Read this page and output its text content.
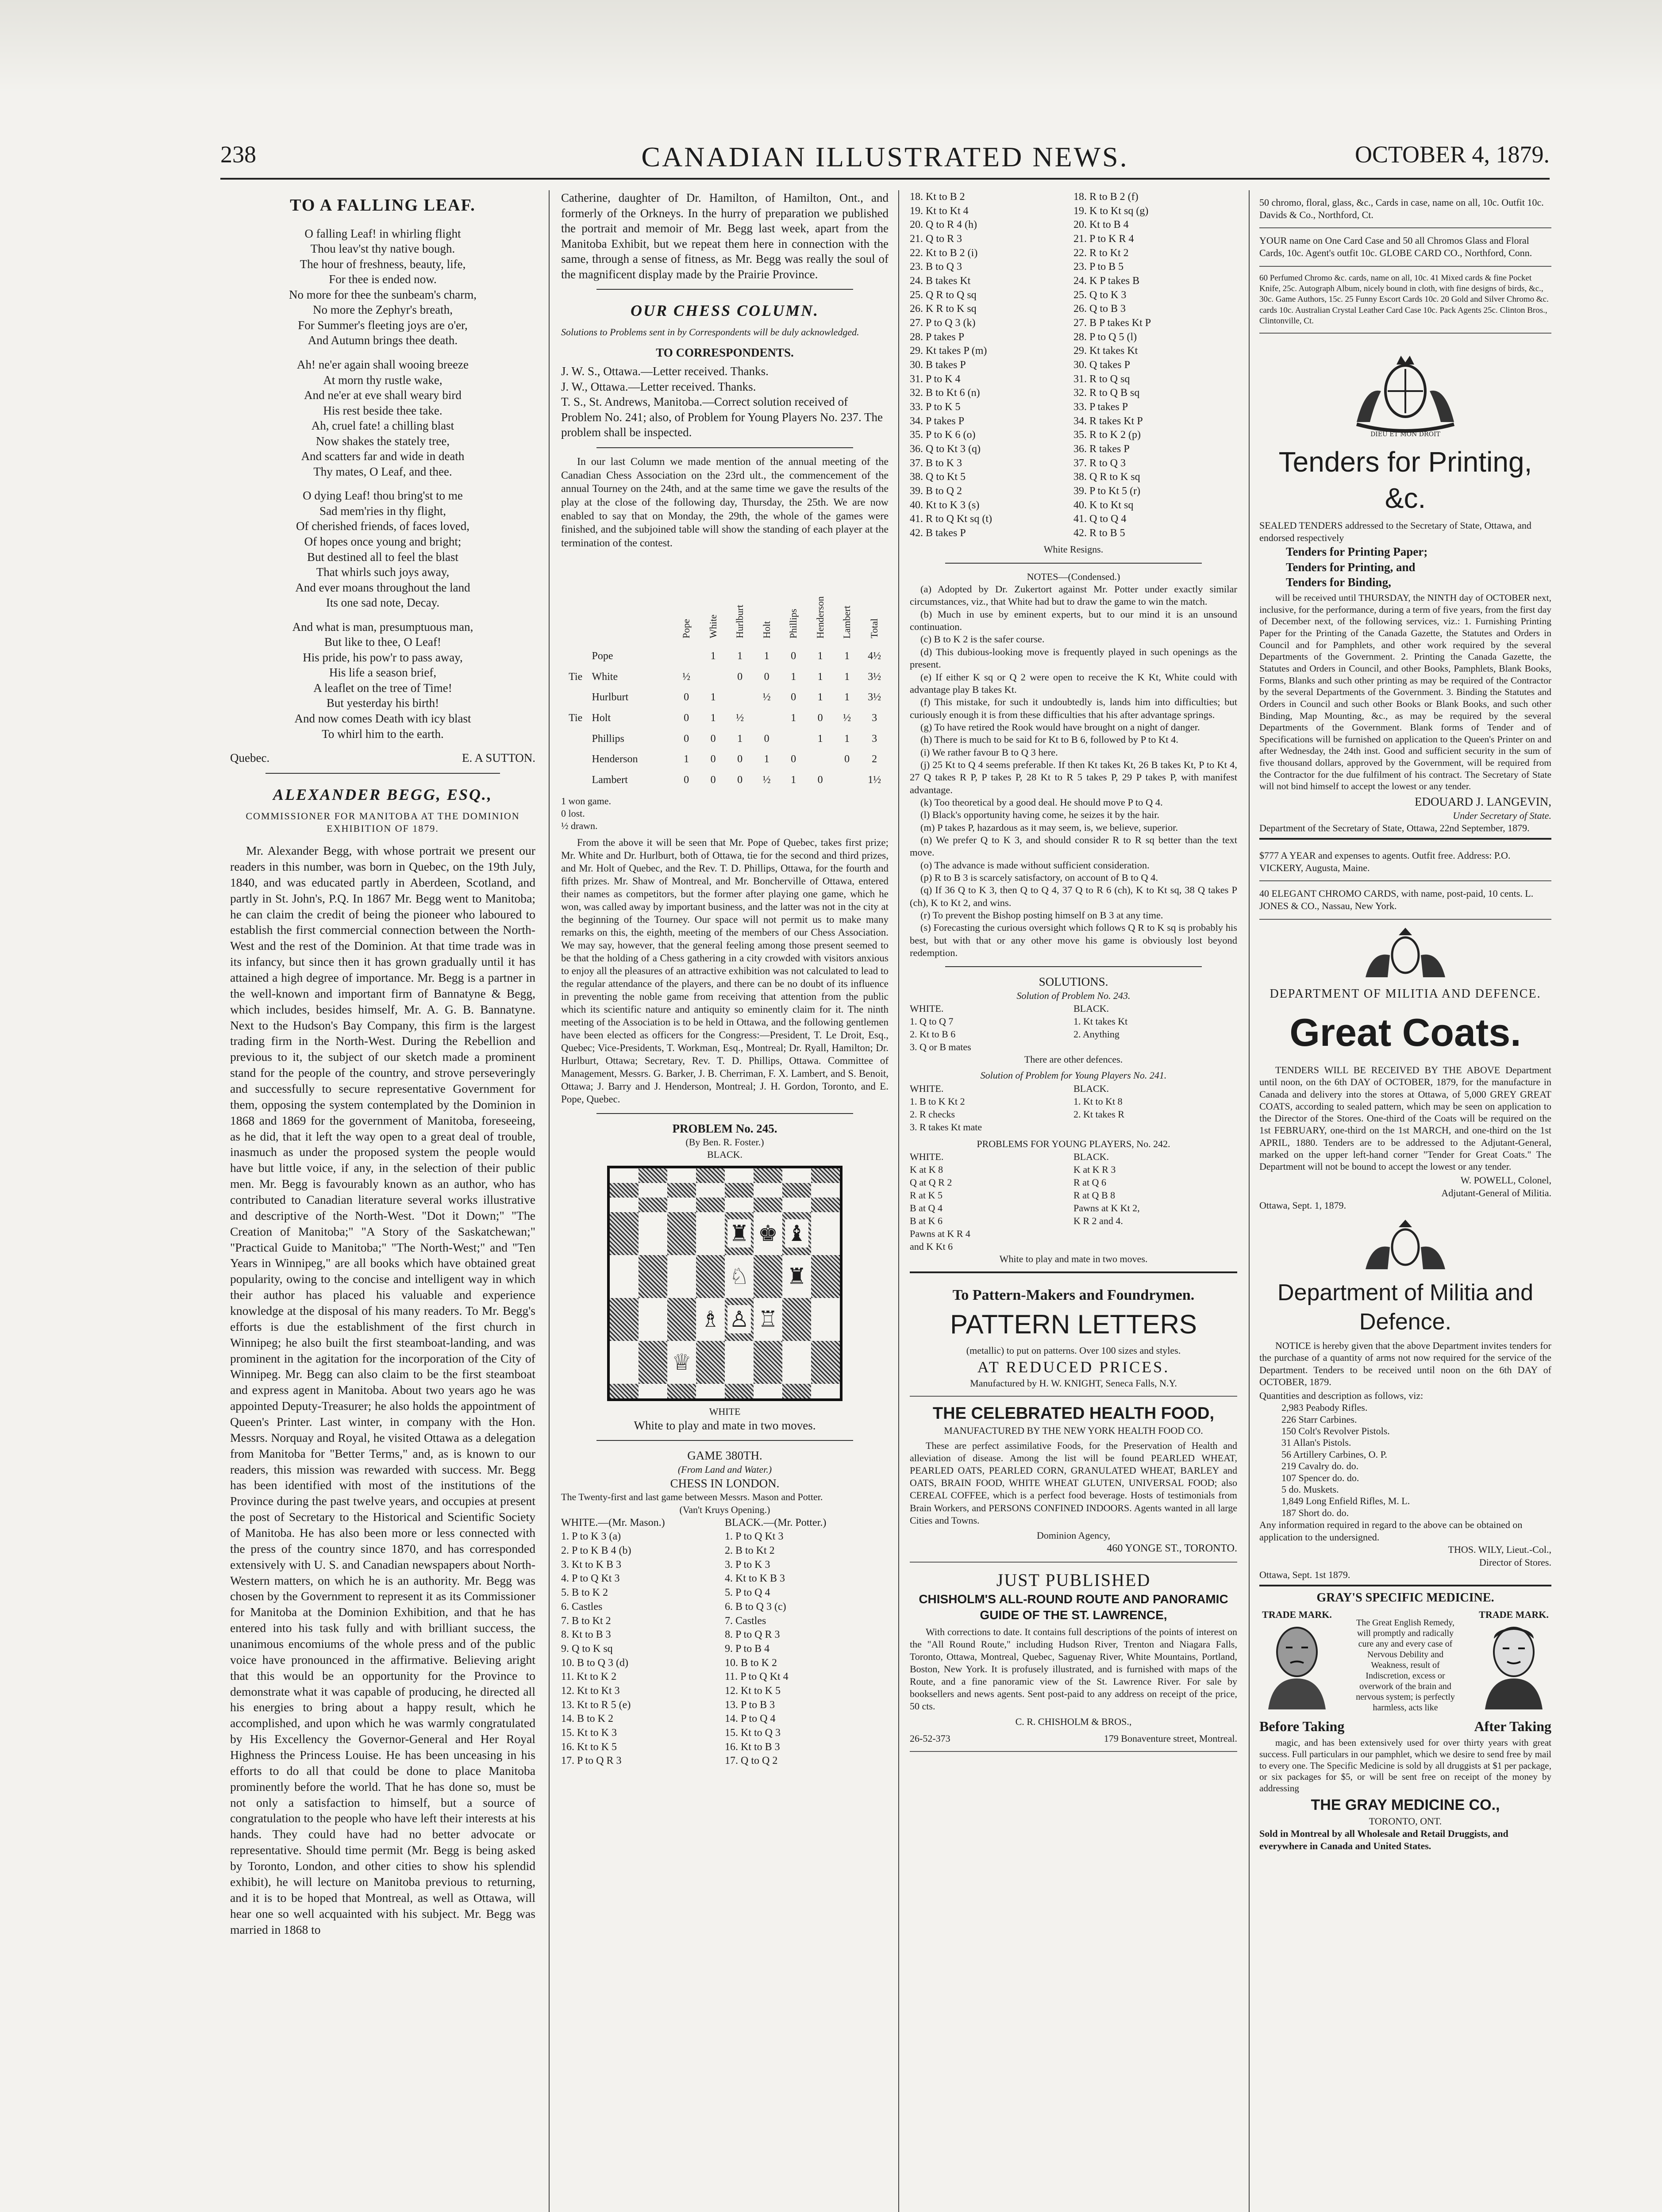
238	CANADIAN ILLUSTRATED NEWS.	OCTOBER 4, 1879.
TO A FALLING LEAF.

O falling Leaf! in whirling flight
Thou leav'st thy native bough.
The hour of freshness, beauty, life,
For thee is ended now.
No more for thee the sunbeam's charm,
No more the Zephyr's breath,
For Summer's fleeting joys are o'er,
And Autumn brings thee death.

Ah! ne'er again shall wooing breeze
At morn thy rustle wake,
And ne'er at eve shall weary bird
His rest beside thee take.
Ah, cruel fate! a chilling blast
Now shakes the stately tree,
And scatters far and wide in death
Thy mates, O Leaf, and thee.

O dying Leaf! thou bring'st to me
Sad mem'ries in thy flight,
Of cherished friends, of faces loved,
Of hopes once young and bright;
But destined all to feel the blast
That whirls such joys away,
And ever moans throughout the land
Its one sad note, Decay.

And what is man, presumptuous man,
But like to thee, O Leaf!
His pride, his pow'r to pass away,
His life a season brief,
A leaflet on the tree of Time!
But yesterday his birth!
And now comes Death with icy blast
To whirl him to the earth.

Quebec.	E. A SUTTON.
ALEXANDER BEGG, ESQ.,
COMMISSIONER FOR MANITOBA AT THE DOMINION EXHIBITION OF 1879.

Mr. Alexander Begg, with whose portrait we present our readers in this number, was born in Quebec, on the 19th July, 1840, and was educated partly in Aberdeen, Scotland, and partly in St. John's, P.Q. In 1867 Mr. Begg went to Manitoba; he can claim the credit of being the pioneer who laboured to establish the first commercial connection between the North-West and the rest of the Dominion. At that time trade was in its infancy, but since then it has grown gradually until it has attained a high degree of importance. Mr. Begg is a partner in the well-known and important firm of Bannatyne & Begg, which includes, besides himself, Mr. A. G. B. Bannatyne. Next to the Hudson's Bay Company, this firm is the largest trading firm in the North-West. During the Rebellion and previous to it, the subject of our sketch made a prominent stand for the people of the country, and strove perseveringly and successfully to secure representative Government for them, opposing the system contemplated by the Dominion in 1868 and 1869 for the government of Manitoba, foreseeing, as he did, that it left the way open to a great deal of trouble, inasmuch as under the proposed system the people would have but little voice, if any, in the selection of their public men. Mr. Begg is favourably known as an author, who has contributed to Canadian literature several works illustrative and descriptive of the North-West. "Dot it Down;" "The Creation of Manitoba;" "A Story of the Saskatchewan;" "Practical Guide to Manitoba;" "The North-West;" and "Ten Years in Winnipeg," are all books which have obtained great popularity, owing to the concise and intelligent way in which their author has placed his valuable and experience knowledge at the disposal of his many readers. To Mr. Begg's efforts is due the establishment of the first church in Winnipeg; he also built the first steamboat-landing, and was prominent in the agitation for the incorporation of the City of Winnipeg. Mr. Begg can also claim to be the first steamboat and express agent in Manitoba. About two years ago he was appointed Deputy-Treasurer; he also holds the appointment of Queen's Printer. Last winter, in company with the Hon. Messrs. Norquay and Royal, he visited Ottawa as a delegation from Manitoba for "Better Terms," and, as is known to our readers, this mission was rewarded with success. Mr. Begg has been identified with most of the institutions of the Province during the past twelve years, and occupies at present the post of Secretary to the Historical and Scientific Society of Manitoba. He has also been more or less connected with the press of the country since 1870, and has corresponded extensively with U. S. and Canadian newspapers about North-Western matters, on which he is an authority. Mr. Begg was chosen by the Government to represent it as its Commissioner for Manitoba at the Dominion Exhibition, and that he has entered into his task fully and with brilliant success, the unanimous encomiums of the whole press and of the public voice have pronounced in the affirmative. Believing aright that this would be an opportunity for the Province to demonstrate what it was capable of producing, he directed all his energies to bring about a happy result, which he accomplished, and upon which he was warmly congratulated by His Excellency the Governor-General and Her Royal Highness the Princess Louise. He has been unceasing in his efforts to do all that could be done to place Manitoba prominently before the world. That he has done so, must be not only a satisfaction to himself, but a source of congratulation to the people who have left their interests at his hands. They could have had no better advocate or representative. Should time permit (Mr. Begg is being asked by Toronto, London, and other cities to show his splendid exhibit), he will lecture on Manitoba previous to returning, and it is to be hoped that Montreal, as well as Ottawa, will hear one so well acquainted with his subject. Mr. Begg was married in 1868 to

Catherine, daughter of Dr. Hamilton, of Hamilton, Ont., and formerly of the Orkneys. In the hurry of preparation we published the portrait and memoir of Mr. Begg last week, apart from the Manitoba Exhibit, but we repeat them here in connection with the same, through a sense of fitness, as Mr. Begg was really the soul of the magnificent display made by the Prairie Province.

OUR CHESS COLUMN.
Solutions to Problems sent in by Correspondents will be duly acknowledged.
TO CORRESPONDENTS.
J. W. S., Ottawa.—Letter received. Thanks.
J. W., Ottawa.—Letter received. Thanks.
T. S., St. Andrews, Manitoba.—Correct solution received of Problem No. 241; also, of Problem for Young Players No. 237. The problem shall be inspected.

In our last Column we made mention of the annual meeting of the Canadian Chess Association on the 23rd ult., the commencement of the annual Tourney on the 24th, and at the same time we gave the results of the play at the close of the following day, Thursday, the 25th. We are now enabled to say that on Monday, the 29th, the whole of the games were finished, and the subjoined table will show the standing of each player at the termination of the contest.

		Pope	White	Hurlburt	Holt	Phillips	Henderson	Lambert	Total
	Pope		1	1	1	0	1	1	4½
Tie	White	½		0	0	1	1	1	3½
	Hurlburt	0	1		½	0	1	1	3½
Tie	Holt	0	1	½		1	0	½	3
	Phillips	0	0	1	0		1	1	3
	Henderson	1	0	0	1	0		0	2
	Lambert	0	0	0	½	1	0		1½
1 won game.
0 lost.
½ drawn.

From the above it will be seen that Mr. Pope of Quebec, takes first prize; Mr. White and Dr. Hurlburt, both of Ottawa, tie for the second and third prizes, and Mr. Holt of Quebec, and the Rev. T. D. Phillips, Ottawa, for the fourth and fifth prizes. Mr. Shaw of Montreal, and Mr. Boncherville of Ottawa, entered their names as competitors, but the former after playing one game, which he won, was called away by important business, and the latter was not in the city at the beginning of the Tourney. Our space will not permit us to make many remarks on this, the eighth, meeting of the members of our Chess Association. We may say, however, that the general feeling among those present seemed to be that the holding of a Chess gathering in a city crowded with visitors anxious to enjoy all the pleasures of an attractive exhibition was not calculated to lead to the regular attendance of the players, and there can be no doubt of its influence in preventing the noble game from receiving that attention from the public which its scientific nature and antiquity so eminently claim for it. The ninth meeting of the Association is to be held in Ottawa, and the following gentlemen have been elected as officers for the Congress:—President, T. Le Droit, Esq., Quebec; Vice-Presidents, T. Workman, Esq., Montreal; Dr. Ryall, Hamilton; Dr. Hurlburt, Ottawa; Secretary, Rev. T. D. Phillips, Ottawa. Committee of Management, Messrs. G. Barker, J. B. Cherriman, F. X. Lambert, and S. Benoit, Ottawa; J. Barry and J. Henderson, Montreal; J. H. Gordon, Toronto, and E. Pope, Quebec.

PROBLEM No. 245.
(By Ben. R. Foster.)
BLACK.
♜ ♚ ♝
♘ ♜
♗ ♙ ♖
♕
WHITE
White to play and mate in two moves.
GAME 380TH.
(From Land and Water.)
CHESS IN LONDON.
The Twenty-first and last game between Messrs. Mason and Potter.
(Van't Kruys Opening.)
WHITE.—(Mr. Mason.)	BLACK.—(Mr. Potter.)
1. P to K 3 (a)	1. P to Q Kt 3
2. P to K B 4 (b)	2. B to Kt 2
3. Kt to K B 3	3. P to K 3
4. P to Q Kt 3	4. Kt to K B 3
5. B to K 2	5. P to Q 4
6. Castles	6. B to Q 3 (c)
7. B to Kt 2	7. Castles
8. Kt to B 3	8. P to Q R 3
9. Q to K sq	9. P to B 4
10. B to Q 3 (d)	10. B to K 2
11. Kt to K 2	11. P to Q Kt 4
12. Kt to Kt 3	12. Kt to K 5
13. Kt to R 5 (e)	13. P to B 3
14. B to K 2	14. P to Q 4
15. Kt to K 3	15. Kt to Q 3
16. Kt to K 5	16. Kt to B 3
17. P to Q R 3	17. Q to Q 2
18. Kt to B 2	18. R to B 2 (f)
19. Kt to Kt 4	19. K to Kt sq (g)
20. Q to R 4 (h)	20. Kt to B 4
21. Q to R 3	21. P to K R 4
22. Kt to B 2 (i)	22. R to Kt 2
23. B to Q 3	23. P to B 5
24. B takes Kt	24. K P takes B
25. Q R to Q sq	25. Q to K 3
26. K R to K sq	26. Q to B 3
27. P to Q 3 (k)	27. B P takes Kt P
28. P takes P	28. P to Q 5 (l)
29. Kt takes P (m)	29. Kt takes Kt
30. B takes P	30. Q takes P
31. P to K 4	31. R to Q sq
32. B to Kt 6 (n)	32. R to Q B sq
33. P to K 5	33. P takes P
34. P takes P	34. R takes Kt P
35. P to K 6 (o)	35. R to K 2 (p)
36. Q to Kt 3 (q)	36. R takes P
37. B to K 3	37. R to Q 3
38. Q to Kt 5	38. Q R to K sq
39. B to Q 2	39. P to Kt 5 (r)
40. Kt to K 3 (s)	40. K to Kt sq
41. R to Q Kt sq (t)	41. Q to Q 4
42. B takes P	42. R to B 5
White Resigns.
NOTES—(Condensed.)
(a) Adopted by Dr. Zukertort against Mr. Potter under exactly similar circumstances, viz., that White had but to draw the game to win the match.
(b) Much in use by eminent experts, but to our mind it is an unsound continuation.
(c) B to K 2 is the safer course.
(d) This dubious-looking move is frequently played in such openings as the present.
(e) If either K sq or Q 2 were open to receive the K Kt, White could with advantage play B takes Kt.
(f) This mistake, for such it undoubtedly is, lands him into difficulties; but curiously enough it is from these difficulties that his after advantage springs.
(g) To have retired the Rook would have brought on a night of danger.
(h) There is much to be said for Kt to B 6, followed by P to Kt 4.
(i) We rather favour B to Q 3 here.
(j) 25 Kt to Q 4 seems preferable. If then Kt takes Kt, 26 B takes Kt, P to Kt 4, 27 Q takes R P, P takes P, 28 Kt to R 5 takes P, 29 P takes P, with manifest advantage.
(k) Too theoretical by a good deal. He should move P to Q 4.
(l) Black's opportunity having come, he seizes it by the hair.
(m) P takes P, hazardous as it may seem, is, we believe, superior.
(n) We prefer Q to K 3, and should consider R to R sq better than the text move.
(o) The advance is made without sufficient consideration.
(p) R to B 3 is scarcely satisfactory, on account of B to Q 4.
(q) If 36 Q to K 3, then Q to Q 4, 37 Q to R 6 (ch), K to Kt sq, 38 Q takes P (ch), K to Kt 2, and wins.
(r) To prevent the Bishop posting himself on B 3 at any time.
(s) Forecasting the curious oversight which follows Q R to K sq is probably his best, but with that or any other move his game is obviously lost beyond redemption.
SOLUTIONS.
Solution of Problem No. 243.
WHITE.	BLACK.
1. Q to Q 7	1. Kt takes Kt
2. Kt to B 6	2. Anything
3. Q or B mates
There are other defences.
Solution of Problem for Young Players No. 241.
WHITE.	BLACK.
1. B to K Kt 2	1. Kt to Kt 8
2. R checks	2. Kt takes R
3. R takes Kt mate
PROBLEMS FOR YOUNG PLAYERS, No. 242.
WHITE.	BLACK.
K at K 8	K at K R 3
Q at Q R 2	R at Q 6
R at K 5	R at Q B 8
B at Q 4	Pawns at K Kt 2,
B at K 6	K R 2 and 4.
Pawns at K R 4
and K Kt 6
White to play and mate in two moves.
To Pattern-Makers and Foundrymen.
PATTERN LETTERS
(metallic) to put on patterns. Over 100 sizes and styles.
AT REDUCED PRICES.
Manufactured by H. W. KNIGHT, Seneca Falls, N.Y.
THE CELEBRATED HEALTH FOOD,
MANUFACTURED BY THE NEW YORK HEALTH FOOD CO.

These are perfect assimilative Foods, for the Preservation of Health and alleviation of disease. Among the list will be found PEARLED WHEAT, PEARLED OATS, PEARLED CORN, GRANULATED WHEAT, BARLEY and OATS, BRAIN FOOD, WHITE WHEAT GLUTEN, UNIVERSAL FOOD; also CEREAL COFFEE, which is a perfect food beverage. Hosts of testimonials from Brain Workers, and PERSONS CONFINED INDOORS. Agents wanted in all large Cities and Towns.

Dominion Agency,
460 YONGE ST., TORONTO.
JUST PUBLISHED
CHISHOLM'S ALL-ROUND ROUTE AND PANORAMIC GUIDE OF THE ST. LAWRENCE,

With corrections to date. It contains full descriptions of the points of interest on the "All Round Route," including Hudson River, Trenton and Niagara Falls, Toronto, Ottawa, Montreal, Quebec, Saguenay River, White Mountains, Portland, Boston, New York. It is profusely illustrated, and is furnished with maps of the Route, and a fine panoramic view of the St. Lawrence River. For sale by booksellers and news agents. Sent post-paid to any address on receipt of the price, 50 cts.

C. R. CHISHOLM & BROS.,
26-52-373	179 Bonaventure street, Montreal.
50 chromo, floral, glass, &c., Cards in case, name on all, 10c. Outfit 10c. Davids & Co., Northford, Ct.
YOUR name on One Card Case and 50 all Chromos Glass and Floral Cards, 10c. Agent's outfit 10c. GLOBE CARD CO., Northford, Conn.
60 Perfumed Chromo &c. cards, name on all, 10c. 41 Mixed cards & fine Pocket Knife, 25c. Autograph Album, nicely bound in cloth, with fine designs of birds, &c., 30c. Game Authors, 15c. 25 Funny Escort Cards 10c. 20 Gold and Silver Chromo &c. cards 10c. Australian Crystal Leather Card Case 10c. Pack Agents 25c. Clinton Bros., Clintonville, Ct.
DIEU ET MON DROIT
Tenders for Printing, &c.
SEALED TENDERS addressed to the Secretary of State, Ottawa, and endorsed respectively
Tenders for Printing Paper;
Tenders for Printing, and
Tenders for Binding,

will be received until THURSDAY, the NINTH day of OCTOBER next, inclusive, for the performance, during a term of five years, from the first day of December next, of the following services, viz.: 1. Furnishing Printing Paper for the Printing of the Canada Gazette, the Statutes and Orders in Council and for Pamphlets, and other work required by the several Departments of the Government. 2. Printing the Canada Gazette, the Statutes and Orders in Council, and other Books, Pamphlets, Blank Books, Forms, Blanks and such other printing as may be required of the Contractor by the several Departments of the Government. 3. Binding the Statutes and Orders in Council and such other Books or Blank Books, and such other Binding, Map Mounting, &c., as may be required by the several Departments of the Government. Blank forms of Tender and of Specifications will be furnished on application to the Queen's Printer on and after Wednesday, the 24th inst. Good and sufficient security in the sum of five thousand dollars, approved by the Government, will be required from the Contractor for the due fulfilment of his contract. The Secretary of State will not bind himself to accept the lowest or any tender.

EDOUARD J. LANGEVIN,
Under Secretary of State.
Department of the Secretary of State, Ottawa, 22nd September, 1879.
$777 A YEAR and expenses to agents. Outfit free. Address: P.O. VICKERY, Augusta, Maine.
40 ELEGANT CHROMO CARDS, with name, post-paid, 10 cents. L. JONES & CO., Nassau, New York.
DEPARTMENT OF MILITIA AND DEFENCE.
Great Coats.

TENDERS WILL BE RECEIVED BY THE ABOVE Department until noon, on the 6th DAY of OCTOBER, 1879, for the manufacture in Canada and delivery into the stores at Ottawa, of 5,000 GREY GREAT COATS, according to sealed pattern, which may be seen on application to the Director of the Stores. One-third of the Coats will be required on the 1st FEBRUARY, one-third on the 1st MARCH, and one-third on the 1st APRIL, 1880. Tenders are to be addressed to the Adjutant-General, marked on the upper left-hand corner "Tender for Great Coats." The Department will not be bound to accept the lowest or any tender.

W. POWELL, Colonel,
Adjutant-General of Militia.
Ottawa, Sept. 1, 1879.
Department of Militia and Defence.

NOTICE is hereby given that the above Department invites tenders for the purchase of a quantity of arms not now required for the service of the Department. Tenders to be received until noon on the 6th DAY of OCTOBER, 1879.

Quantities and description as follows, viz:
2,983 Peabody Rifles.
226 Starr Carbines.
150 Colt's Revolver Pistols.
31 Allan's Pistols.
56 Artillery Carbines, O. P.
219 Cavalry do. do.
107 Spencer do. do.
5 do. Muskets.
1,849 Long Enfield Rifles, M. L.
187 Short do. do.
Any information required in regard to the above can be obtained on application to the undersigned.
THOS. WILY, Lieut.-Col.,
Director of Stores.
Ottawa, Sept. 1st 1879.
GRAY'S SPECIFIC MEDICINE.
TRADE MARK.
The Great English Remedy, will promptly and radically cure any and every case of Nervous Debility and Weakness, result of Indiscretion, excess or overwork of the brain and nervous system; is perfectly harmless, acts like
TRADE MARK.
Before Taking	After Taking

magic, and has been extensively used for over thirty years with great success. Full particulars in our pamphlet, which we desire to send free by mail to every one. The Specific Medicine is sold by all druggists at $1 per package, or six packages for $5, or will be sent free on receipt of the money by addressing

THE GRAY MEDICINE CO.,
TORONTO, ONT.
Sold in Montreal by all Wholesale and Retail Druggists, and everywhere in Canada and United States.
